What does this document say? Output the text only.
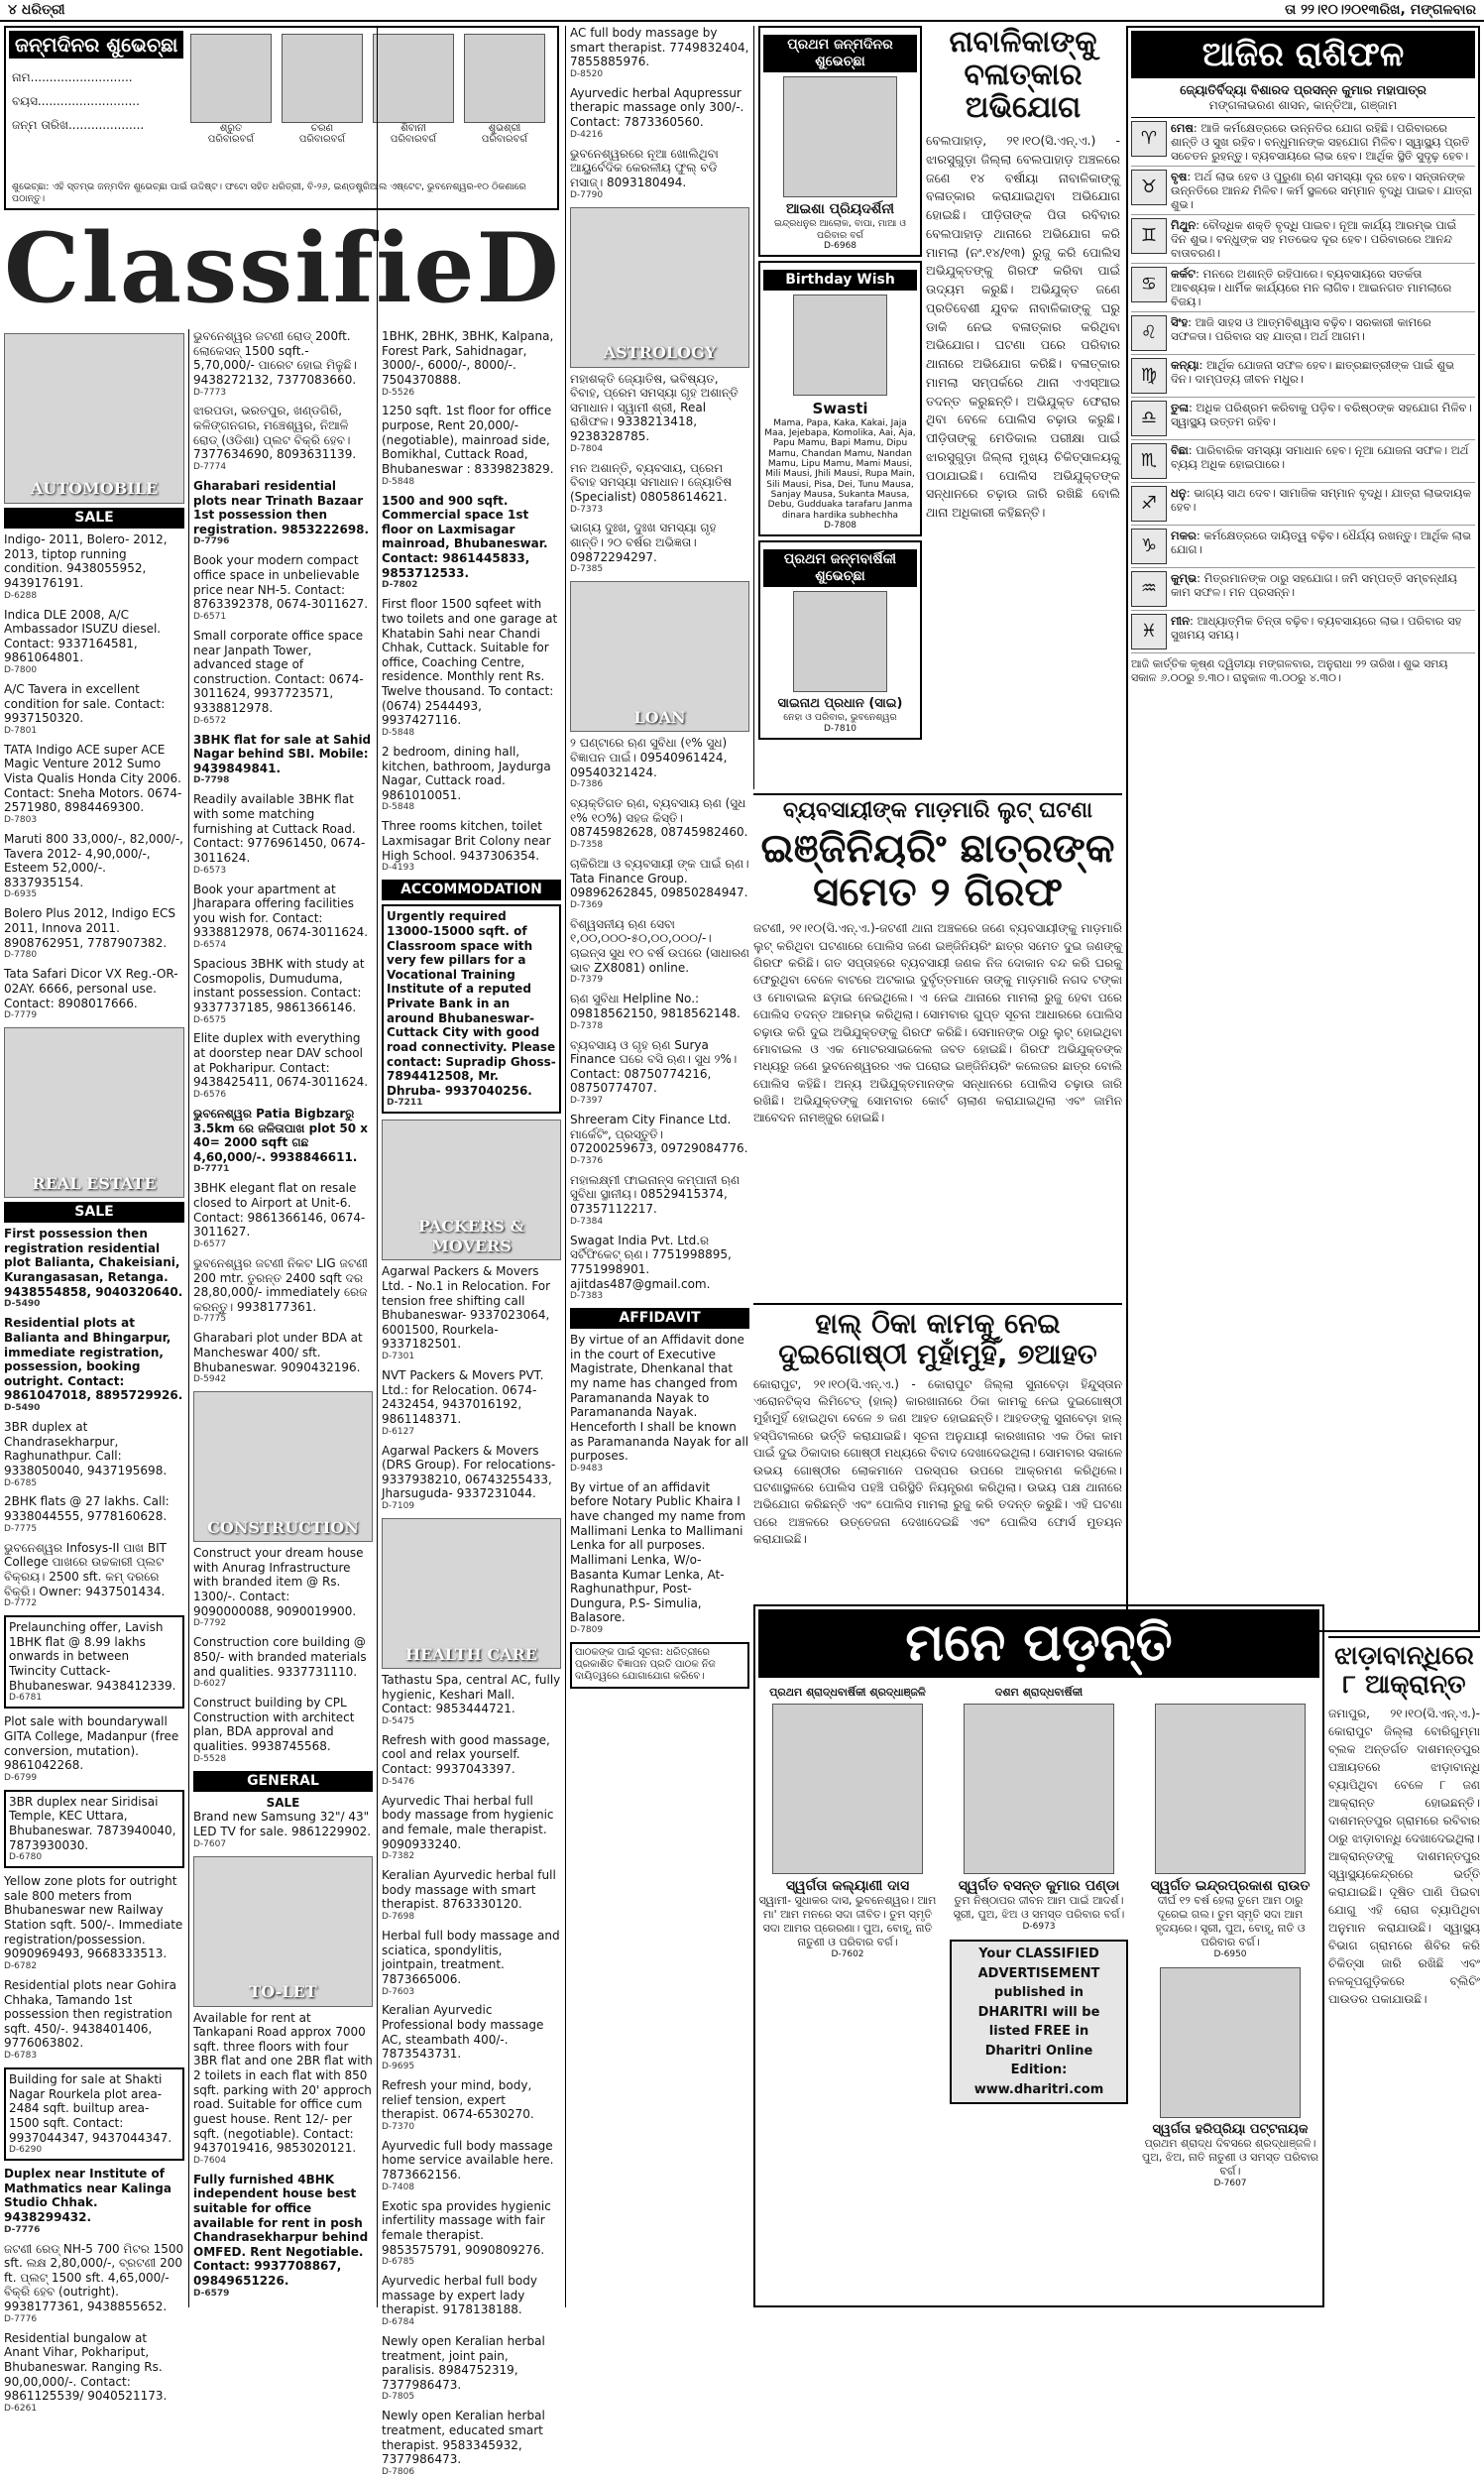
୪ ଧରିତ୍ରୀ	ତା ୨୨।୧୦।୨୦୧୩ରିଖ, ମଙ୍ଗଳବାର
ଜନ୍ମଦିନର ଶୁଭେଚ୍ଛା
ନାମ...........................
ବୟସ...........................
ଜନ୍ମ ତାରିଖ....................	ଶ୍ରୁତ
ପରିବାରବର୍ଗ
ଚରଣ
ପରିବାରବର୍ଗ
ଶିବାନୀ
ପରିବାରବର୍ଗ
ଶୁଭଶ୍ରୀ
ପରିବାରବର୍ଗ
ଶୁଭେଚ୍ଛା: ଏହି ସ୍ତମ୍ଭ ଜନ୍ମଦିନ ଶୁଭେଚ୍ଛା ପାଇଁ ଉଦ୍ଦିଷ୍ଟ। ଫଟୋ ସହିତ ଧରିତ୍ରୀ, ବି-୨୬, ଇଣ୍ଡଷ୍ଟ୍ରିଆଲ ଏଷ୍ଟେଟ, ଭୁବନେଶ୍ୱର-୧୦ ଠିକଣାରେ ପଠାନ୍ତୁ।
ClassifieD
AUTOMOBILE
SALE
Indigo- 2011, Bolero- 2012, 2013, tiptop running condition. 9438055952, 9439176191.
D-6288
Indica DLE 2008, A/C Ambassador ISUZU diesel. Contact: 9337164581, 9861064801.
D-7800
A/C Tavera in excellent condition for sale. Contact: 9937150320.
D-7801
TATA Indigo ACE super ACE Magic Venture 2012 Sumo Vista Qualis Honda City 2006. Contact: Sneha Motors. 0674-2571980, 8984469300.
D-7803
Maruti 800 33,000/-, 82,000/-, Tavera 2012- 4,90,000/-, Esteem 52,000/-. 8337935154.
D-6935
Bolero Plus 2012, Indigo ECS 2011, Innova 2011. 8908762951, 7787907382.
D-7780
Tata Safari Dicor VX Reg.-OR-02AY. 6666, personal use. Contact: 8908017666.
D-7779
REAL ESTATE
SALE
First possession then registration residential plot Balianta, Chakeisiani, Kurangasasan, Retanga. 9438554858, 9040320640.
D-5490
Residential plots at Balianta and Bhingarpur, immediate registration, possession, booking outright. Contact: 9861047018, 8895729926.
D-5490
3BR duplex at Chandrasekharpur, Raghunathpur. Call: 9338050040, 9437195698.
D-6785
2BHK flats @ 27 lakhs. Call: 9338044555, 9778160628.
D-7775
ଭୁବନେଶ୍ୱର Infosys-II ପାଖ BIT College ପାଖରେ ଉଚ୍ଚକାରୀ ପ୍ଲଟ ବିକ୍ରୟ। 2500 sft. କମ୍ ଦରରେ ବିକ୍ରି। Owner: 9437501434.
D-7772
Prelaunching offer, Lavish 1BHK flat @ 8.99 lakhs onwards in between Twincity Cuttack-Bhubaneswar. 9438412339.
D-6781
Plot sale with boundarywall GITA College, Madanpur (free conversion, mutation). 9861042268.
D-6799
3BR duplex near Siridisai Temple, KEC Uttara, Bhubaneswar. 7873940040, 7873930030.
D-6780
Yellow zone plots for outright sale 800 meters from Bhubaneswar new Railway Station sqft. 500/-. Immediate registration/possession. 9090969493, 9668333513.
D-6782
Residential plots near Gohira Chhaka, Tamando 1st possession then registration sqft. 450/-. 9438401406, 9776063802.
D-6783
Building for sale at Shakti Nagar Rourkela plot area- 2484 sqft. builtup area- 1500 sqft. Contact: 9937044347, 9437044347.
D-6290
Duplex near Institute of Mathmatics near Kalinga Studio Chhak. 9438299432.
D-7776
ଜଟଣୀ ରେଡ୍ NH-5 700 ମିଟର 1500 sft. ଲକ୍ଷ 2,80,000/-, ବ୍ରଟଣୀ 200 ft. ପ୍ଲଟ୍ 1500 sft. 4,65,000/- ବିକ୍ରି ହେବ (outright). 9938177361, 9438855652.
D-7776
Residential bungalow at Anant Vihar, Pokhariput, Bhubaneswar. Ranging Rs. 90,00,000/-. Contact: 9861125539/ 9040521173.
D-6261
ଭୁବନେଶ୍ୱର ଜଟଣୀ ରୋଡ୍ 200ft. ଲୋକେସନ୍ 1500 sqft.- 5,70,000/- ପାରେଟ ହୋଇ ମିଳୁଛି। 9438272132, 7377083660.
D-7773
ଝାରପଡା, ଭରତପୁର, ଖଣ୍ଡଗିରି, କଳିଙ୍ଗନଗର, ମଞ୍ଚେଶ୍ୱର, ନିଆଳି ରୋଡ୍ (ଓଡିଶା) ପ୍ଲଟ ବିକ୍ରି ହେବ। 7377634690, 8093631139.
D-7774
Gharabari residential plots near Trinath Bazaar 1st possession then registration. 9853222698.
D-7796
Book your modern compact office space in unbelievable price near NH-5. Contact: 8763392378, 0674-3011627.
D-6571
Small corporate office space near Janpath Tower, advanced stage of construction. Contact: 0674-3011624, 9937723571, 9338812978.
D-6572
3BHK flat for sale at Sahid Nagar behind SBI. Mobile: 9439849841.
D-7798
Readily available 3BHK flat with some matching furnishing at Cuttack Road. Contact: 9776961450, 0674-3011624.
D-6573
Book your apartment at Jharapara offering facilities you wish for. Contact: 9338812978, 0674-3011624.
D-6574
Spacious 3BHK with study at Cosmopolis, Dumuduma, instant possession. Contact: 9337737185, 9861366146.
D-6575
Elite duplex with everything at doorstep near DAV school at Pokharipur. Contact: 9438425411, 0674-3011624.
D-6576
ଭୁବନେଶ୍ୱର Patia Bigbzarରୁ 3.5km ରେ ଜଳିତାପାଖ plot 50 x 40= 2000 sqft ଗଛ 4,60,000/-. 9938846611.
D-7771
3BHK elegant flat on resale closed to Airport at Unit-6. Contact: 9861366146, 0674-3011627.
D-6577
ଭୁବନେଶ୍ୱର ଜଟଣୀ ନିକଟ LIG ଜଟଣୀ 200 mtr. ତୁରନ୍ତ 2400 sqft ଦର 28,80,000/- immediately ରେଜ କରନ୍ତୁ। 9938177361.
D-7775
Gharabari plot under BDA at Mancheswar 400/ sft. Bhubaneswar. 9090432196.
D-5942
CONSTRUCTION
Construct your dream house with Anurag Infrastructure with branded item @ Rs. 1300/-. Contact: 9090000088, 9090019900.
D-7792
Construction core building @ 850/- with branded materials and qualities. 9337731110.
D-6027
Construct building by CPL Construction with architect plan, BDA approval and qualities. 9938745568.
D-5528
GENERAL
SALE
Brand new Samsung 32"/ 43" LED TV for sale. 9861229902.
D-7607
TO-LET
Available for rent at Tankapani Road approx 7000 sqft. three floors with four 3BR flat and one 2BR flat with 2 toilets in each flat with 850 sqft. parking with 20' approch road. Suitable for office cum guest house. Rent 12/- per sqft. (negotiable). Contact: 9437019416, 9853020121.
D-7604
Fully furnished 4BHK independent house best suitable for office available for rent in posh Chandrasekharpur behind OMFED. Rent Negotiable. Contact: 9937708867, 09849651226.
D-6579
1BHK, 2BHK, 3BHK, Kalpana, Forest Park, Sahidnagar, 3000/-, 6000/-, 8000/-. 7504370888.
D-5526
1250 sqft. 1st floor for office purpose, Rent 20,000/- (negotiable), mainroad side, Bomikhal, Cuttack Road, Bhubaneswar : 8339823829.
D-5848
1500 and 900 sqft. Commercial space 1st floor on Laxmisagar mainroad, Bhubaneswar. Contact: 9861445833, 9853712533.
D-7802
First floor 1500 sqfeet with two toilets and one garage at Khatabin Sahi near Chandi Chhak, Cuttack. Suitable for office, Coaching Centre, residence. Monthly rent Rs. Twelve thousand. To contact: (0674) 2544493, 9937427116.
D-5848
2 bedroom, dining hall, kitchen, bathroom, Jaydurga Nagar, Cuttack road. 9861010051.
D-5848
Three rooms kitchen, toilet Laxmisagar Brit Colony near High School. 9437306354.
D-4193
ACCOMMODATION
Urgently required 13000-15000 sqft. of Classroom space with very few pillars for a Vocational Training Institute of a reputed Private Bank in an around Bhubaneswar-Cuttack City with good road connectivity. Please contact: Supradip Ghoss- 7894412508, Mr. Dhruba- 9937040256.
D-7211
PACKERS & MOVERS
Agarwal Packers & Movers Ltd. - No.1 in Relocation. For tension free shifting call Bhubaneswar- 9337023064, 6001500, Rourkela- 9337182501.
D-7301
NVT Packers & Movers PVT. Ltd.: for Relocation. 0674-2432454, 9437016192, 9861148371.
D-6127
Agarwal Packers & Movers (DRS Group). For relocations- 9337938210, 06743255433, Jharsuguda- 9337231044.
D-7109
HEALTH CARE
Tathastu Spa, central AC, fully hygienic, Keshari Mall. Contact: 9853444721.
D-5475
Refresh with good massage, cool and relax yourself. Contact: 9937043397.
D-5476
Ayurvedic Thai herbal full body massage from hygienic and female, male therapist. 9090933240.
D-7382
Keralian Ayurvedic herbal full body massage with smart therapist. 8763330120.
D-7698
Herbal full body massage and sciatica, spondylitis, jointpain, treatment. 7873665006.
D-7603
Keralian Ayurvedic Professional body massage AC, steambath 400/-. 7873543731.
D-9695
Refresh your mind, body, relief tension, expert therapist. 0674-6530270.
D-7370
Ayurvedic full body massage home service available here. 7873662156.
D-7408
Exotic spa provides hygienic infertility massage with fair female therapist. 9853575791, 9090809276.
D-6785
Ayurvedic herbal full body massage by expert lady therapist. 9178138188.
D-6784
Newly open Keralian herbal treatment, joint pain, paralisis. 8984752319, 7377986473.
D-7805
Newly open Keralian herbal treatment, educated smart therapist. 9583345932, 7377986473.
D-7806
AC full body massage by smart therapist. 7749832404, 7855885976.
D-8520
Ayurvedic herbal Aqupressur therapic massage only 300/-. Contact: 7873360560.
D-4216
ଭୁବନେଶ୍ୱରରେ ନୂଆ ଖୋଲିଥିବା ଆୟୁର୍ବେଦିକ କେରଳୀୟ ଫୁଲ୍ ବଡି ମସାଜ୍। 8093180494.
D-7790
ASTROLOGY
ମହାଶକ୍ତି ଜ୍ୟୋତିଷ, ଭବିଷ୍ୟତ, ବିବାହ, ପ୍ରେମ ସମସ୍ୟା ଗୃହ ଅଶାନ୍ତି ସମାଧାନ। ସ୍ୱାମୀ ଶ୍ରୀ, Real ରାଶିଫଳ। 9338213418, 9238328785.
D-7804
ମନ ଅଶାନ୍ତି, ବ୍ୟବସାୟ, ପ୍ରେମ ବିବାହ ସମସ୍ୟା ସମାଧାନ। ଜ୍ୟୋତିଷ (Specialist) 08058614621.
D-7373
ଭାଗ୍ୟ ଦୁଃଖ, ଦୁଃଖ ସମସ୍ୟା ଗୃହ ଶାନ୍ତି। ୨୦ ବର୍ଷର ଅଭିଜ୍ଞତା। 09872294297.
D-7385
LOAN
୨ ଘଣ୍ଟାରେ ଋଣ ସୁବିଧା (୧% ସୁଧ) ବିଜ୍ଞାପନ ପାଇଁ। 09540961424, 09540321424.
D-7386
ବ୍ୟକ୍ତିଗତ ଋଣ, ବ୍ୟବସାୟ ଋଣ (ସୁଧ ୧% ୧୦%) ସହଜ କିସ୍ତି। 08745982628, 08745982460.
D-7358
ଚାକିରିଆ ଓ ବ୍ୟବସାୟୀ ଙ୍କ ପାଇଁ ଋଣ। Tata Finance Group. 09896262845, 09850284947.
D-7369
ବିଶ୍ୱସନୀୟ ଋଣ ସେବା ୧,୦୦,୦୦୦-୫୦,୦୦,୦୦୦/-। ଚାଇନ୍ସ ସୁଧ ୧୦ ବର୍ଷ ଉପରେ (ସାଧାରଣ ଭାବ ZX8081) online.
D-7379
ଋଣ ସୁବିଧା Helpline No.: 09818562150, 9818562148.
D-7378
ବ୍ୟବସାୟ ଓ ଗୃହ ଋଣ Surya Finance ଘରେ ବସି ଋଣ। ସୁଧ ୨%। Contact: 08750774216, 08750774707.
D-7397
Shreeram City Finance Ltd. ମାର୍କେଟିଂ, ପ୍ରସ୍ତୁତି। 07200259673, 09729084776.
D-7376
ମହାଲକ୍ଷ୍ମୀ ଫାଇନାନ୍ସ କମ୍ପାନୀ ଋଣ ସୁବିଧା ସ୍ଥାନୀୟ। 08529415374, 07357112217.
D-7384
Swagat India Pvt. Ltd.ର ସର୍ଟିଫିକେଟ୍ ଋଣ। 7751998895, 7751998901. ajitdas487@gmail.com.
D-7383
AFFIDAVIT
By virtue of an Affidavit done in the court of Executive Magistrate, Dhenkanal that my name has changed from Paramananda Nayak to Paramananda Nayak. Henceforth I shall be known as Paramananda Nayak for all purposes.
D-9483
By virtue of an affidavit before Notary Public Khaira I have changed my name from Mallimani Lenka to Mallimani Lenka for all purposes. Mallimani Lenka, W/o- Basanta Kumar Lenka, At- Raghunathpur, Post- Dungura, P.S- Simulia, Balasore.
D-7809
ପାଠକଙ୍କ ପାଇଁ ସୂଚନା: ଧରିତ୍ରୀରେ ପ୍ରକାଶିତ ବିଜ୍ଞାପନ ପ୍ରତି ପାଠକ ନିଜ ଦାୟିତ୍ୱରେ ଯୋଗାଯୋଗ କରିବେ।
ପ୍ରଥମ ଜନ୍ମଦିନର ଶୁଭେଚ୍ଛା
ଆଇଶା ପ୍ରିୟଦର୍ଶିନୀ
ଇନ୍ଦ୍ରଧନୁର ଆଲୋକ, ବାପା, ମାଆ ଓ ପରିବାର ବର୍ଗ
D-6968
Birthday Wish
Swasti
Mama, Papa, Kaka, Kakai, Jaja Maa, Jejebapa, Komolika, Aai, Aja, Papu Mamu, Bapi Mamu, Dipu Mamu, Chandan Mamu, Nandan Mamu, Lipu Mamu, Mami Mausi, Mili Mausi, Jhili Mausi, Rupa Main, Sili Mausi, Pisa, Dei, Tunu Mausa, Sanjay Mausa, Sukanta Mausa, Debu, Gudduaka tarafaru Janma dinara hardika subhechha
D-7808
ପ୍ରଥମ ଜନ୍ମବାର୍ଷିକୀ ଶୁଭେଚ୍ଛା
ସାଇନାଥ ପ୍ରଧାନ (ସାଇ)
ନେହା ଓ ପରିବାର, ଭୁବନେଶ୍ୱର
D-7810
ନାବାଳିକାଙ୍କୁ ବଳାତ୍କାର ଅଭିଯୋଗ
ବେଲପାହାଡ଼, ୨୧।୧୦(ସି.ଏନ୍.ଏ.) - ଝାରସୁଗୁଡ଼ା ଜିଲ୍ଲା ବେଲପାହାଡ଼ ଅଞ୍ଚଳରେ ଜଣେ ୧୪ ବର୍ଷୀୟା ନାବାଳିକାଙ୍କୁ ବଳାତ୍କାର କରାଯାଇଥିବା ଅଭିଯୋଗ ହୋଇଛି। ପୀଡ଼ିତାଙ୍କ ପିତା ରବିବାର ବେଲପାହାଡ଼ ଥାନାରେ ଅଭିଯୋଗ କରି ମାମଲା (ନଂ.୧୪/୧୩) ରୁଜୁ କରି ପୋଲିସ ଅଭିଯୁକ୍ତଙ୍କୁ ଗିରଫ କରିବା ପାଇଁ ଉଦ୍ୟମ କରୁଛି। ଅଭିଯୁକ୍ତ ଜଣେ ପ୍ରତିବେଶୀ ଯୁବକ ନାବାଳିକାଙ୍କୁ ଘରୁ ଡାକି ନେଇ ବଳାତ୍କାର କରିଥିବା ଅଭିଯୋଗ। ଘଟଣା ପରେ ପରିବାର ଥାନାରେ ଅଭିଯୋଗ କରିଛି। ବଳାତ୍କାର ମାମଲା ସମ୍ପର୍କରେ ଥାନା ଏଏସ୍ଆଇ ତଦନ୍ତ କରୁଛନ୍ତି। ଅଭିଯୁକ୍ତ ଫେରାର ଥିବା ବେଳେ ପୋଲିସ ଚଢ଼ାଉ କରୁଛି। ପୀଡ଼ିତାଙ୍କୁ ମେଡିକାଲ ପରୀକ୍ଷା ପାଇଁ ଝାରସୁଗୁଡ଼ା ଜିଲ୍ଲା ମୁଖ୍ୟ ଚିକିତ୍ସାଳୟକୁ ପଠାଯାଇଛି। ପୋଲିସ ଅଭିଯୁକ୍ତଙ୍କ ସନ୍ଧାନରେ ଚଢ଼ାଉ ଜାରି ରଖିଛି ବୋଲି ଥାନା ଅଧିକାରୀ କହିଛନ୍ତି।
ବ୍ୟବସାୟୀଙ୍କ ମାଡ଼ମାରି ଲୁଟ୍ ଘଟଣା
ଇଞ୍ଜିନିୟରିଂ ଛାତ୍ରଙ୍କ ସମେତ ୨ ଗିରଫ
ଜଟଣୀ, ୨୧।୧୦(ସି.ଏନ୍.ଏ.)-ଜଟଣୀ ଥାନା ଅଞ୍ଚଳରେ ଜଣେ ବ୍ୟବସାୟୀଙ୍କୁ ମାଡ଼ମାରି ଲୁଟ୍ କରିଥିବା ଘଟଣାରେ ପୋଲିସ ଜଣେ ଇଞ୍ଜିନିୟରିଂ ଛାତ୍ର ସମେତ ଦୁଇ ଜଣଙ୍କୁ ଗିରଫ କରିଛି। ଗତ ସପ୍ତାହରେ ବ୍ୟବସାୟୀ ଜଣକ ନିଜ ଦୋକାନ ବନ୍ଦ କରି ଘରକୁ ଫେରୁଥିବା ବେଳେ ବାଟରେ ଅଟକାଇ ଦୁର୍ବୃତ୍ତମାନେ ତାଙ୍କୁ ମାଡ଼ମାରି ନଗଦ ଟଙ୍କା ଓ ମୋବାଇଲ ଛଡ଼ାଇ ନେଇଥିଲେ। ଏ ନେଇ ଥାନାରେ ମାମଲା ରୁଜୁ ହେବା ପରେ ପୋଲିସ ତଦନ୍ତ ଆରମ୍ଭ କରିଥିଲା। ସୋମବାର ଗୁପ୍ତ ସୂଚନା ଆଧାରରେ ପୋଲିସ ଚଢ଼ାଉ କରି ଦୁଇ ଅଭିଯୁକ୍ତଙ୍କୁ ଗିରଫ କରିଛି। ସେମାନଙ୍କ ଠାରୁ ଲୁଟ୍ ହୋଇଥିବା ମୋବାଇଲ ଓ ଏକ ମୋଟରସାଇକେଲ ଜବତ ହୋଇଛି। ଗିରଫ ଅଭିଯୁକ୍ତଙ୍କ ମଧ୍ୟରୁ ଜଣେ ଭୁବନେଶ୍ୱରର ଏକ ଘରୋଇ ଇଞ୍ଜିନିୟରିଂ କଲେଜର ଛାତ୍ର ବୋଲି ପୋଲିସ କହିଛି। ଅନ୍ୟ ଅଭିଯୁକ୍ତମାନଙ୍କ ସନ୍ଧାନରେ ପୋଲିସ ଚଢ଼ାଉ ଜାରି ରଖିଛି। ଅଭିଯୁକ୍ତଙ୍କୁ ସୋମବାର କୋର୍ଟ ଚାଲାଣ କରାଯାଇଥିଲା ଏବଂ ଜାମିନ ଆବେଦନ ନାମଞ୍ଜୁର ହୋଇଛି।
ହାଲ୍ ଠିକା କାମକୁ ନେଇ ଦୁଇଗୋଷ୍ଠୀ ମୁହାଁମୁହିଁ, ୭ଆହତ
କୋରାପୁଟ, ୨୧।୧୦(ସି.ଏନ୍.ଏ.) - କୋରାପୁଟ ଜିଲ୍ଲା ସୁନାବେଡ଼ା ହିନ୍ଦୁସ୍ତାନ ଏରୋନଟିକ୍ସ ଲିମିଟେଡ୍ (ହାଲ୍) କାରଖାନାରେ ଠିକା କାମକୁ ନେଇ ଦୁଇଗୋଷ୍ଠୀ ମୁହାଁମୁହିଁ ହୋଇଥିବା ବେଳେ ୭ ଜଣ ଆହତ ହୋଇଛନ୍ତି। ଆହତଙ୍କୁ ସୁନାବେଡ଼ା ହାଲ୍ ହସ୍ପିଟାଲରେ ଭର୍ତ୍ତି କରାଯାଇଛି। ସୂଚନା ଅନୁଯାୟୀ କାରଖାନାର ଏକ ଠିକା କାମ ପାଇଁ ଦୁଇ ଠିକାଦାର ଗୋଷ୍ଠୀ ମଧ୍ୟରେ ବିବାଦ ଦେଖାଦେଇଥିଲା। ସୋମବାର ସକାଳେ ଉଭୟ ଗୋଷ୍ଠୀର ଲୋକମାନେ ପରସ୍ପର ଉପରେ ଆକ୍ରମଣ କରିଥିଲେ। ଘଟଣାସ୍ଥଳରେ ପୋଲିସ ପହଞ୍ଚି ପରିସ୍ଥିତି ନିୟନ୍ତ୍ରଣ କରିଥିଲା। ଉଭୟ ପକ୍ଷ ଥାନାରେ ଅଭିଯୋଗ କରିଛନ୍ତି ଏବଂ ପୋଲିସ ମାମଲା ରୁଜୁ କରି ତଦନ୍ତ କରୁଛି। ଏହି ଘଟଣା ପରେ ଅଞ୍ଚଳରେ ଉତ୍ତେଜନା ଦେଖାଦେଇଛି ଏବଂ ପୋଲିସ ଫୋର୍ସ ମୁତୟନ କରାଯାଇଛି।
ଆଜିର ରାଶିଫଳ
ଜ୍ୟୋତିର୍ବିଦ୍ୟା ବିଶାରଦ ପ୍ରସନ୍ନ କୁମାର ମହାପାତ୍ର
ମଙ୍ଗଳାଭରଣ ଶାସନ, କାନ୍ତିଆ, ଗଞ୍ଜାମ
♈	ମେଷ: ଆଜି କର୍ମକ୍ଷେତ୍ରରେ ଉନ୍ନତିର ଯୋଗ ରହିଛି। ପରିବାରରେ ଶାନ୍ତି ଓ ସୁଖ ରହିବ। ବନ୍ଧୁମାନଙ୍କ ସହଯୋଗ ମିଳିବ। ସ୍ୱାସ୍ଥ୍ୟ ପ୍ରତି ସଚେତନ ରୁହନ୍ତୁ। ବ୍ୟବସାୟରେ ଲାଭ ହେବ। ଆର୍ଥିକ ସ୍ଥିତି ସୁଦୃଢ଼ ହେବ।
♉	ବୃଷ: ଅର୍ଥ ଲାଭ ହେବ ଓ ପୁରୁଣା ଋଣ ସମସ୍ୟା ଦୂର ହେବ। ସନ୍ତାନଙ୍କ ଉନ୍ନତିରେ ଆନନ୍ଦ ମିଳିବ। କର୍ମ ସ୍ଥଳରେ ସମ୍ମାନ ବୃଦ୍ଧି ପାଇବ। ଯାତ୍ରା ଶୁଭ।
♊	ମିଥୁନ: ବୌଦ୍ଧିକ ଶକ୍ତି ବୃଦ୍ଧି ପାଇବ। ନୂଆ କାର୍ଯ୍ୟ ଆରମ୍ଭ ପାଇଁ ଦିନ ଶୁଭ। ବନ୍ଧୁଙ୍କ ସହ ମତଭେଦ ଦୂର ହେବ। ପରିବାରରେ ଆନନ୍ଦ ବାତାବରଣ।
♋	କର୍କଟ: ମନରେ ଅଶାନ୍ତି ରହିପାରେ। ବ୍ୟବସାୟରେ ସତର୍କତା ଆବଶ୍ୟକ। ଧାର୍ମିକ କାର୍ଯ୍ୟରେ ମନ ଲାଗିବ। ଆଇନଗତ ମାମଲାରେ ବିଜୟ।
♌	ସିଂହ: ଆଜି ସାହସ ଓ ଆତ୍ମବିଶ୍ୱାସ ବଢ଼ିବ। ସରକାରୀ କାମରେ ସଫଳତା। ପରିବାର ସହ ଯାତ୍ରା। ଅର୍ଥ ଆଗମ।
♍	କନ୍ୟା: ଆର୍ଥିକ ଯୋଜନା ସଫଳ ହେବ। ଛାତ୍ରଛାତ୍ରୀଙ୍କ ପାଇଁ ଶୁଭ ଦିନ। ଦାମ୍ପତ୍ୟ ଜୀବନ ମଧୁର।
♎	ତୁଳା: ଅଧିକ ପରିଶ୍ରମ କରିବାକୁ ପଡ଼ିବ। ବରିଷ୍ଠଙ୍କ ସହଯୋଗ ମିଳିବ। ସ୍ୱାସ୍ଥ୍ୟ ଉତ୍ତମ ରହିବ।
♏	ବିଛା: ପାରିବାରିକ ସମସ୍ୟା ସମାଧାନ ହେବ। ନୂଆ ଯୋଜନା ସଫଳ। ଅର୍ଥ ବ୍ୟୟ ଅଧିକ ହୋଇପାରେ।
♐	ଧନୁ: ଭାଗ୍ୟ ସାଥ ଦେବ। ସାମାଜିକ ସମ୍ମାନ ବୃଦ୍ଧି। ଯାତ୍ରା ଲାଭଦାୟକ ହେବ।
♑	ମକର: କର୍ମକ୍ଷେତ୍ରରେ ଦାୟିତ୍ୱ ବଢ଼ିବ। ଧୈର୍ଯ୍ୟ ରଖନ୍ତୁ। ଆର୍ଥିକ ଲାଭ ଯୋଗ।
♒	କୁମ୍ଭ: ମିତ୍ରମାନଙ୍କ ଠାରୁ ସହଯୋଗ। ଜମି ସମ୍ପତ୍ତି ସମ୍ବନ୍ଧୀୟ କାମ ସଫଳ। ମନ ପ୍ରସନ୍ନ।
♓	ମୀନ: ଆଧ୍ୟାତ୍ମିକ ଚିନ୍ତା ବଢ଼ିବ। ବ୍ୟବସାୟରେ ଲାଭ। ପରିବାର ସହ ସୁଖମୟ ସମୟ।
ଆଜି କାର୍ତ୍ତିକ କୃଷ୍ଣ ଦ୍ୱିତୀୟା ମଙ୍ଗଳବାର, ଅନୁରାଧା ୨୨ ତାରିଖ। ଶୁଭ ସମୟ ସକାଳ ୬.୦୦ରୁ ୭.୩୦। ରାହୁକାଳ ୩.୦୦ରୁ ୪.୩୦।
ଝାଡ଼ାବାନ୍ଧିରେ ୮ ଆକ୍ରାନ୍ତ
ଜମାପୁର, ୨୧।୧୦(ସି.ଏନ୍.ଏ.)-କୋରାପୁଟ ଜିଲ୍ଲା ବୋରିଗୁମ୍ମା ବ୍ଲକ ଅନ୍ତର୍ଗତ ଦାଶମନ୍ତପୁର ପଞ୍ଚାୟତରେ ଝାଡ଼ାବାନ୍ଧି ବ୍ୟାପିଥିବା ବେଳେ ୮ ଜଣ ଆକ୍ରାନ୍ତ ହୋଇଛନ୍ତି। ଦାଶମନ୍ତପୁର ଗ୍ରାମରେ ରବିବାର ଠାରୁ ଝାଡ଼ାବାନ୍ଧି ଦେଖାଦେଇଥିଲା। ଆକ୍ରାନ୍ତଙ୍କୁ ଦାଶମନ୍ତପୁର ସ୍ୱାସ୍ଥ୍ୟକେନ୍ଦ୍ରରେ ଭର୍ତ୍ତି କରାଯାଇଛି। ଦୂଷିତ ପାଣି ପିଇବା ଯୋଗୁ ଏହି ରୋଗ ବ୍ୟାପିଥିବା ଅନୁମାନ କରାଯାଉଛି। ସ୍ୱାସ୍ଥ୍ୟ ବିଭାଗ ଗ୍ରାମରେ ଶିବିର କରି ଚିକିତ୍ସା ଜାରି ରଖିଛି ଏବଂ ନଳକୂପଗୁଡ଼ିକରେ ବ୍ଲିଚିଂ ପାଉଡର ପକାଯାଉଛି।
ମନେ ପଡ଼ନ୍ତି
ପ୍ରଥମ ଶ୍ରାଦ୍ଧବାର୍ଷିକୀ ଶ୍ରଦ୍ଧାଞ୍ଜଳି
ସ୍ୱର୍ଗତା କଲ୍ୟାଣୀ ଦାସ
ସ୍ୱାମୀ- ସୁଧାକର ଦାସ, ଭୁବନେଶ୍ୱର। ଆମ ମା' ଆମ ମନରେ ସଦା ଜୀବିତ। ତୁମ ସ୍ମୃତି ସଦା ଆମର ପ୍ରେରଣା। ପୁଅ, ବୋହୂ, ନାତି ନାତୁଣୀ ଓ ପରିବାର ବର୍ଗ।
D-7602
ଦଶମ ଶ୍ରାଦ୍ଧବାର୍ଷିକୀ
ସ୍ୱର୍ଗତ ବସନ୍ତ କୁମାର ପଣ୍ଡା
ତୁମ ନିଷ୍ଠାପର ଜୀବନ ଆମ ପାଇଁ ଆଦର୍ଶ। ସ୍ତ୍ରୀ, ପୁଅ, ଝିଅ ଓ ସମସ୍ତ ପରିବାର ବର୍ଗ।
D-6973
Your CLASSIFIED
ADVERTISEMENT
published in
DHARITRI will be
listed FREE in
Dharitri Online
Edition:
www.dharitri.com
ସ୍ୱର୍ଗତ ଇନ୍ଦ୍ରପ୍ରକାଶ ରାଉତ
ଦୀର୍ଘ ୧୨ ବର୍ଷ ହେଲା ତୁମେ ଆମ ଠାରୁ ଦୂରେଇ ଗଲ। ତୁମ ସ୍ମୃତି ସଦା ଆମ ହୃଦୟରେ। ସ୍ତ୍ରୀ, ପୁଅ, ବୋହୂ, ନାତି ଓ ପରିବାର ବର୍ଗ।
D-6950
ସ୍ୱର୍ଗତା ହରିପ୍ରିୟା ପଟ୍ଟନାୟକ
ପ୍ରଥମ ଶ୍ରାଦ୍ଧ ଦିବସରେ ଶ୍ରଦ୍ଧାଞ୍ଜଳି। ପୁଅ, ଝିଅ, ନାତି ନାତୁଣୀ ଓ ସମସ୍ତ ପରିବାର ବର୍ଗ।
D-7607
